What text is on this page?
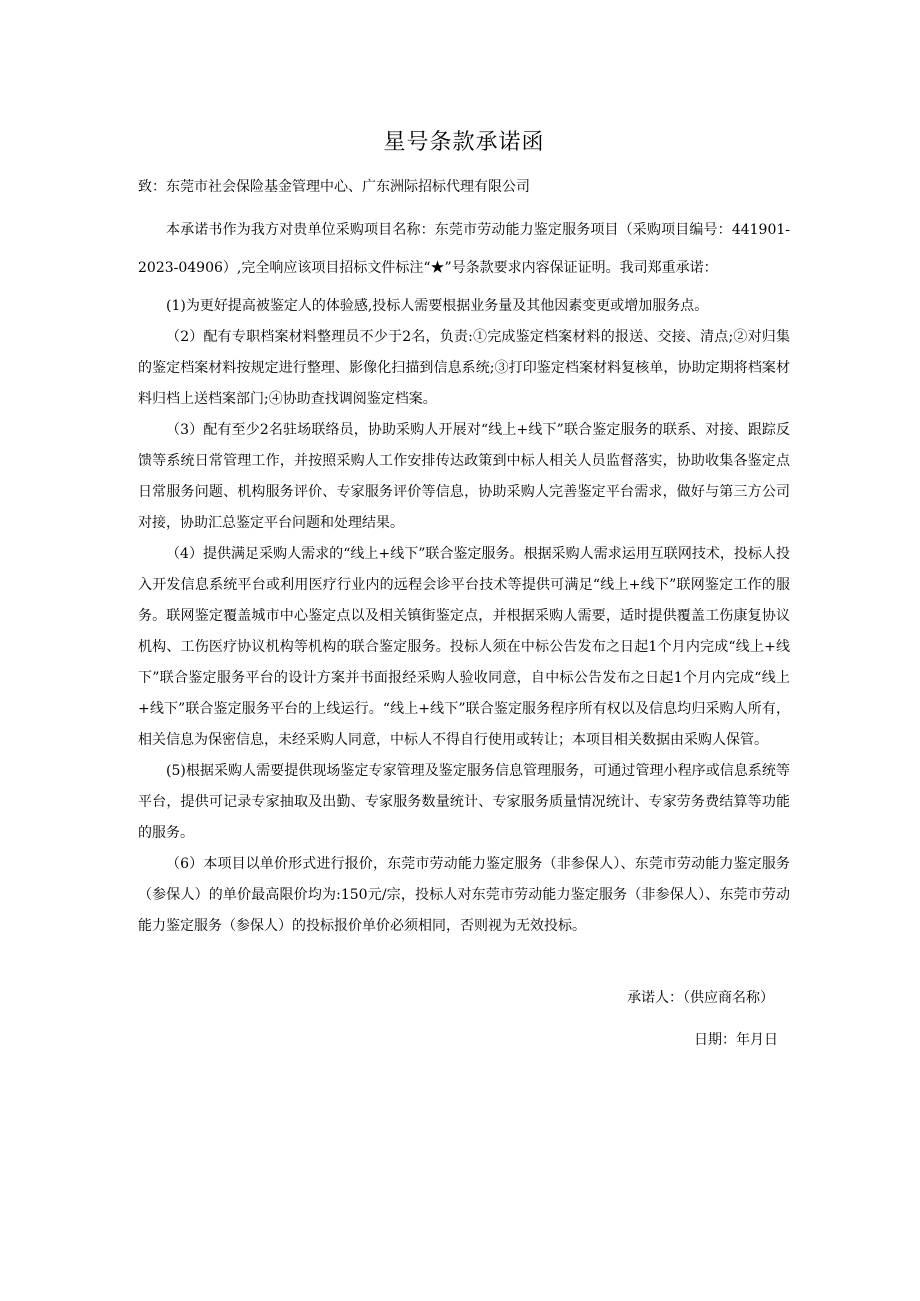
星号条款承诺函
致：东莞市社会保险基金管理中心、广东洲际招标代理有限公司

本承诺书作为我方对贵单位采购项目名称：东莞市劳动能力鉴定服务项目（采购项目编号：441901-2023-04906）,完全响应该项目招标文件标注“★”号条款要求内容保证证明。我司郑重承诺：

(1)为更好提高被鉴定人的体验感,投标人需要根据业务量及其他因素变更或增加服务点。

（2）配有专职档案材料整理员不少于2名，负责:①完成鉴定档案材料的报送、交接、清点;②对归集的鉴定档案材料按规定进行整理、影像化扫描到信息系统;③打印鉴定档案材料复核单，协助定期将档案材料归档上送档案部门;④协助查找调阅鉴定档案。

（3）配有至少2名驻场联络员，协助采购人开展对“线上+线下”联合鉴定服务的联系、对接、跟踪反馈等系统日常管理工作，并按照采购人工作安排传达政策到中标人相关人员监督落实，协助收集各鉴定点日常服务问题、机构服务评价、专家服务评价等信息，协助采购人完善鉴定平台需求，做好与第三方公司对接，协助汇总鉴定平台问题和处理结果。

（4）提供满足采购人需求的“线上+线下”联合鉴定服务。根据采购人需求运用互联网技术，投标人投入开发信息系统平台或利用医疗行业内的远程会诊平台技术等提供可满足“线上+线下”联网鉴定工作的服务。联网鉴定覆盖城市中心鉴定点以及相关镇街鉴定点，并根据采购人需要，适时提供覆盖工伤康复协议机构、工伤医疗协议机构等机构的联合鉴定服务。投标人须在中标公告发布之日起1个月内完成“线上+线下”联合鉴定服务平台的设计方案并书面报经采购人验收同意，自中标公告发布之日起1个月内完成“线上+线下”联合鉴定服务平台的上线运行。“线上+线下”联合鉴定服务程序所有权以及信息均归采购人所有，相关信息为保密信息，未经采购人同意，中标人不得自行使用或转让；本项目相关数据由采购人保管。

(5)根据采购人需要提供现场鉴定专家管理及鉴定服务信息管理服务，可通过管理小程序或信息系统等平台，提供可记录专家抽取及出勤、专家服务数量统计、专家服务质量情况统计、专家劳务费结算等功能的服务。

（6）本项目以单价形式进行报价，东莞市劳动能力鉴定服务（非参保人）、东莞市劳动能力鉴定服务（参保人）的单价最高限价均为:150元/宗，投标人对东莞市劳动能力鉴定服务（非参保人）、东莞市劳动能力鉴定服务（参保人）的投标报价单价必须相同，否则视为无效投标。

承诺人：（供应商名称）
日期：年月日
